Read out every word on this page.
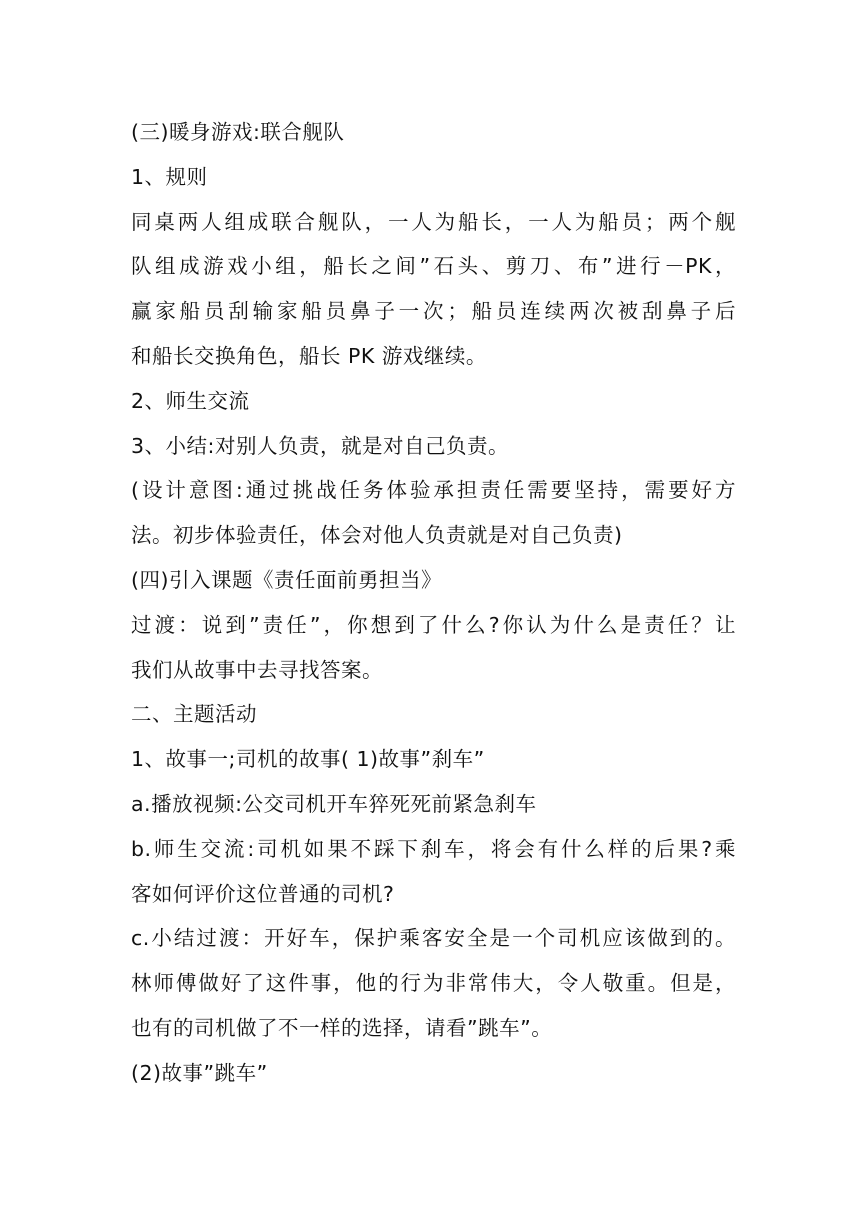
(三)暖身游戏:联合舰队
1、规则
同桌两人组成联合舰队，一人为船长，一人为船员；两个舰
队组成游戏小组，船长之间”石头、剪刀、布”进行－PK，
赢家船员刮输家船员鼻子一次；船员连续两次被刮鼻子后
和船长交换角色，船长 PK 游戏继续。
2、师生交流
3、小结:对别人负责，就是对自己负责。
(设计意图:通过挑战任务体验承担责任需要坚持，需要好方
法。初步体验责任，体会对他人负责就是对自己负责)
(四)引入课题《责任面前勇担当》
过渡：说到”责任”，你想到了什么?你认为什么是责任？让
我们从故事中去寻找答案。
二、主题活动
1、故事一;司机的故事( 1)故事”刹车”
a.播放视频:公交司机开车猝死死前紧急刹车
b.师生交流:司机如果不踩下刹车，将会有什么样的后果?乘
客如何评价这位普通的司机?
c.小结过渡：开好车，保护乘客安全是一个司机应该做到的。
林师傅做好了这件事，他的行为非常伟大，令人敬重。但是，
也有的司机做了不一样的选择，请看”跳车”。
(2)故事”跳车”
